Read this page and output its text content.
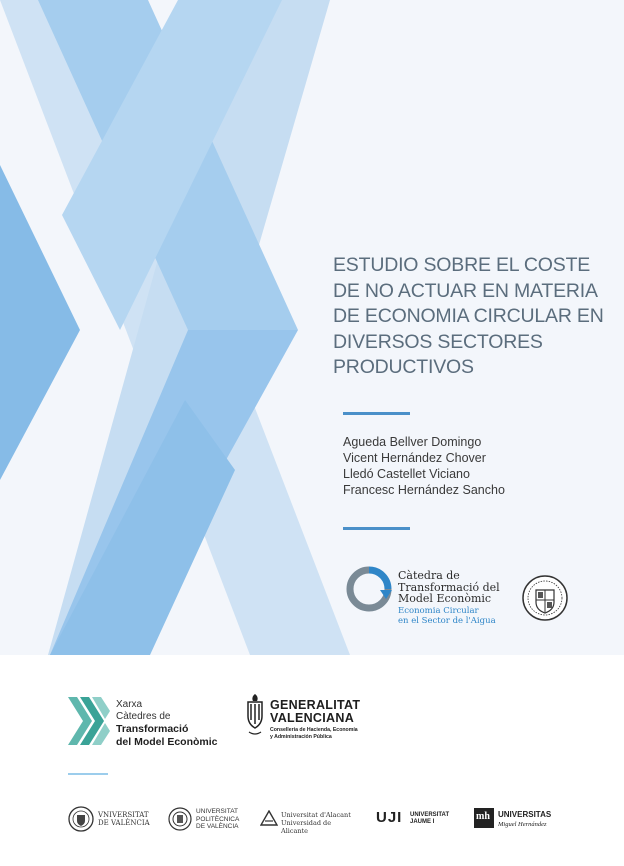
ESTUDIO SOBRE EL COSTE
DE NO ACTUAR EN MATERIA
DE ECONOMIA CIRCULAR EN
DIVERSOS SECTORES
PRODUCTIVOS
Agueda Bellver Domingo
Vicent Hernández Chover
Lledó Castellet Viciano
Francesc Hernández Sancho

Càtedra de
Transformació del
Model Econòmic

Economia Circular
en el Sector de l'Aigua

Xarxa
Càtedres de
Transformació
del Model Econòmic

GENERALITAT
VALENCIANA

Conselleria de Hacienda, Economía
y Administración Pública

VNIVERSITAT
DE VALÈNCIA

UNIVERSITAT
POLITÈCNICA
DE VALÈNCIA

Universitat d'Alacant
Universidad de Alicante

UJI UNIVERSITAT
JAUME I	mh UNIVERSITAS
Miguel Hernández
